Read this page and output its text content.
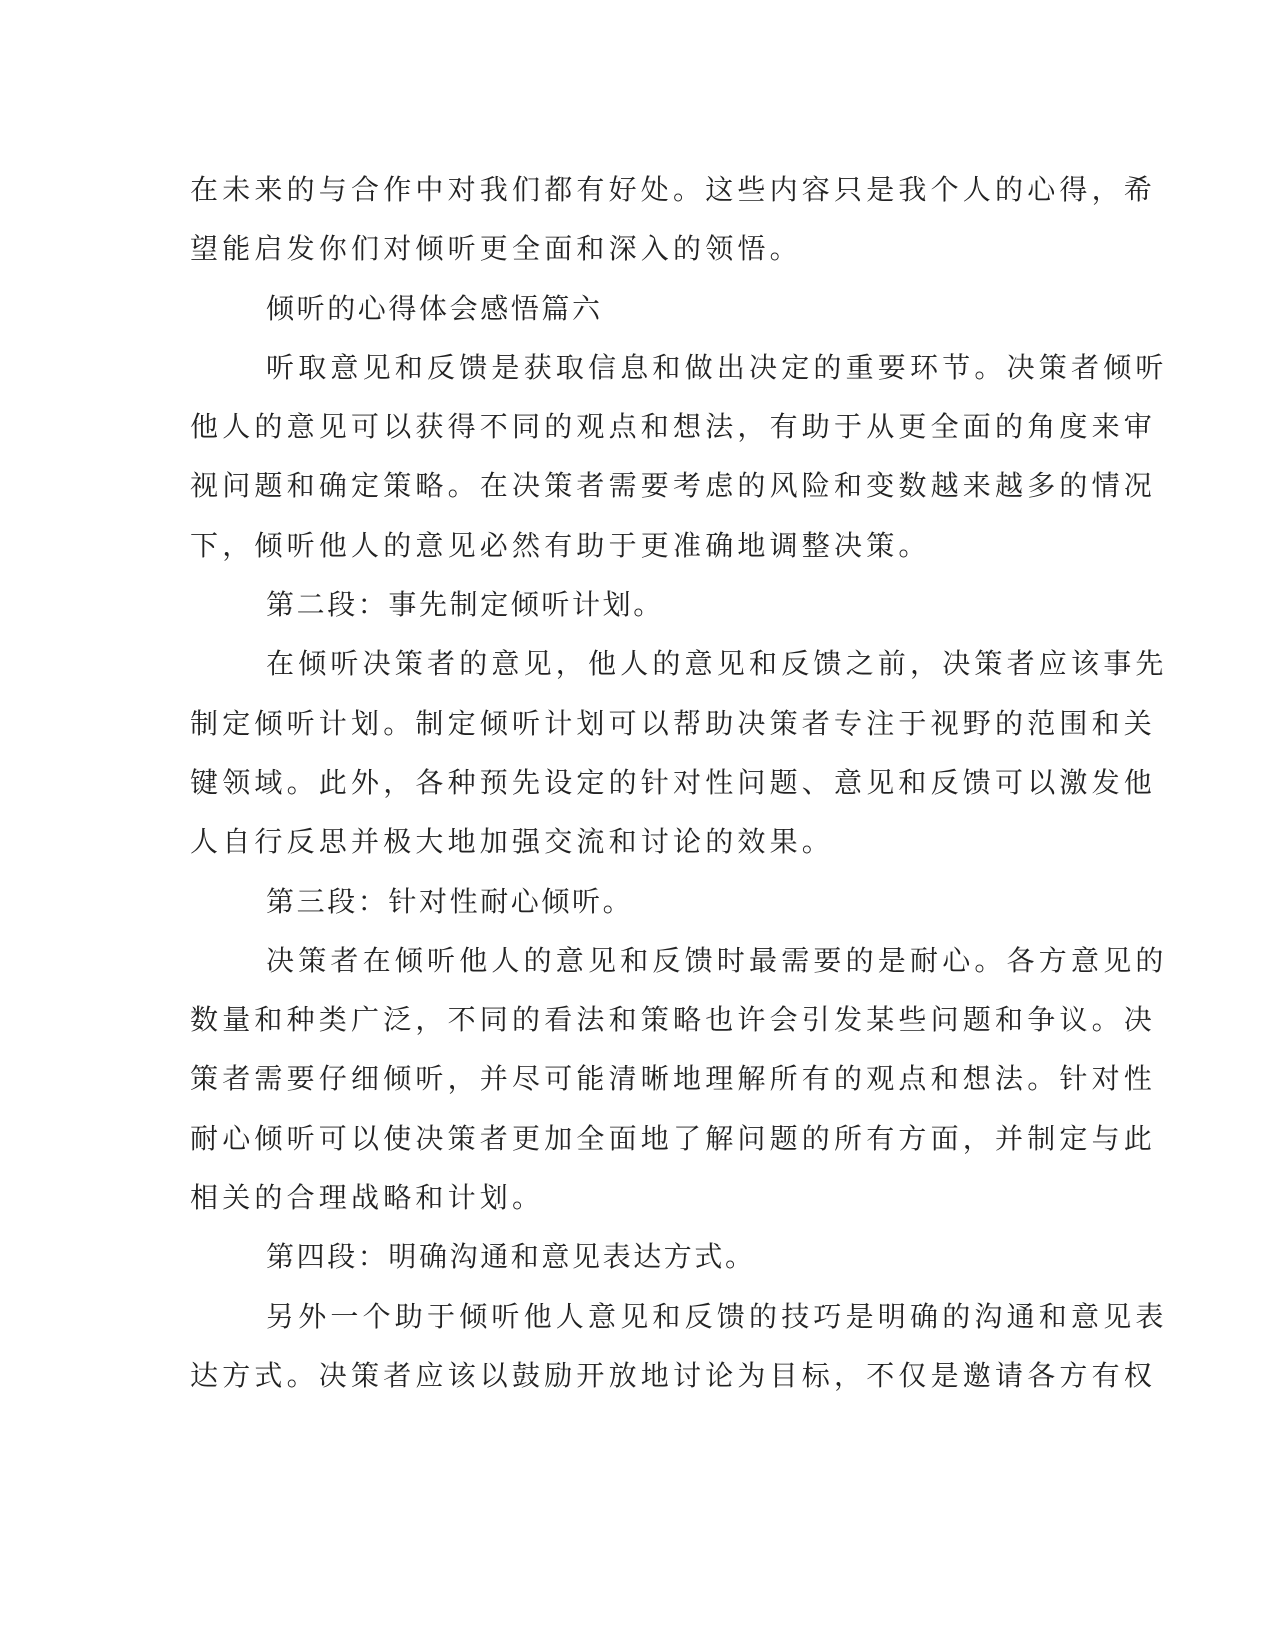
在未来的与合作中对我们都有好处。这些内容只是我个人的心得，希
望能启发你们对倾听更全面和深入的领悟。
倾听的心得体会感悟篇六
听取意见和反馈是获取信息和做出决定的重要环节。决策者倾听
他人的意见可以获得不同的观点和想法，有助于从更全面的角度来审
视问题和确定策略。在决策者需要考虑的风险和变数越来越多的情况
下，倾听他人的意见必然有助于更准确地调整决策。
第二段：事先制定倾听计划。
在倾听决策者的意见，他人的意见和反馈之前，决策者应该事先
制定倾听计划。制定倾听计划可以帮助决策者专注于视野的范围和关
键领域。此外，各种预先设定的针对性问题、意见和反馈可以激发他
人自行反思并极大地加强交流和讨论的效果。
第三段：针对性耐心倾听。
决策者在倾听他人的意见和反馈时最需要的是耐心。各方意见的
数量和种类广泛，不同的看法和策略也许会引发某些问题和争议。决
策者需要仔细倾听，并尽可能清晰地理解所有的观点和想法。针对性
耐心倾听可以使决策者更加全面地了解问题的所有方面，并制定与此
相关的合理战略和计划。
第四段：明确沟通和意见表达方式。
另外一个助于倾听他人意见和反馈的技巧是明确的沟通和意见表
达方式。决策者应该以鼓励开放地讨论为目标，不仅是邀请各方有权
